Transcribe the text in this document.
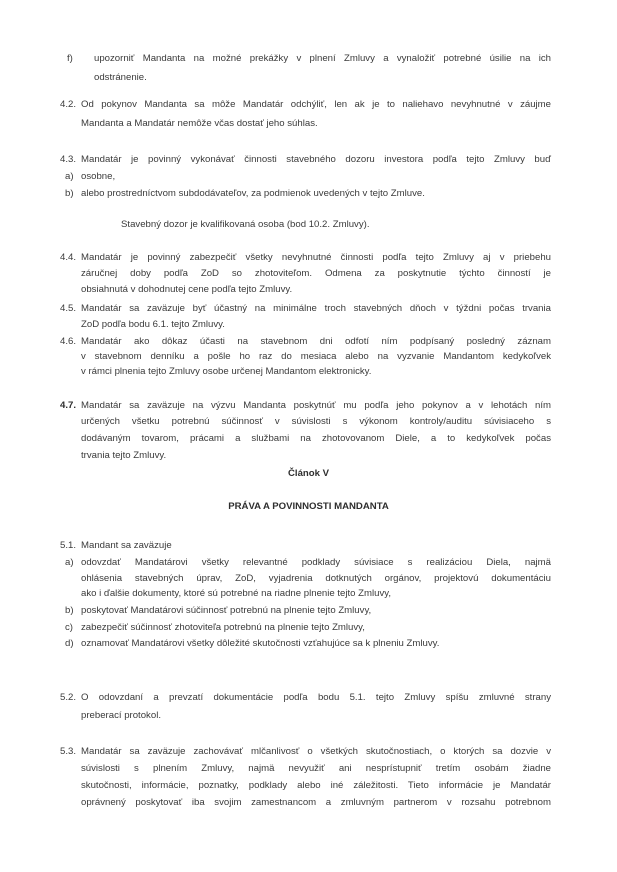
f) upozorniť Mandanta na možné prekážky v plnení Zmluvy a vynaložiť potrebné úsilie na ich
odstránenie.
4.2. Od pokynov Mandanta sa môže Mandatár odchýliť, len ak je to naliehavo nevyhnutné v záujme
Mandanta a Mandatár nemôže včas dostať jeho súhlas.
4.3. Mandatár je povinný vykonávať činnosti stavebného dozoru investora podľa tejto Zmluvy buď
a) osobne,
b) alebo prostredníctvom subdodávateľov, za podmienok uvedených v tejto Zmluve.
Stavebný dozor je kvalifikovaná osoba (bod 10.2. Zmluvy).
4.4. Mandatár je povinný zabezpečiť všetky nevyhnutné činnosti podľa tejto Zmluvy aj v priebehu
záručnej doby podľa ZoD so zhotoviteľom. Odmena za poskytnutie týchto činností je
obsiahnutá v dohodnutej cene podľa tejto Zmluvy.
4.5. Mandatár sa zaväzuje byť účastný na minimálne troch stavebných dňoch v týždni počas trvania
ZoD podľa bodu 6.1. tejto Zmluvy.
4.6. Mandatár ako dôkaz účasti na stavebnom dni odfotí ním podpísaný posledný záznam
v stavebnom denníku a pošle ho raz do mesiaca alebo na vyzvanie Mandantom kedykoľvek
v rámci plnenia tejto Zmluvy osobe určenej Mandantom elektronicky.
4.7. Mandatár sa zaväzuje na výzvu Mandanta poskytnúť mu podľa jeho pokynov a v lehotách ním
určených všetku potrebnú súčinnosť v súvislosti s výkonom kontroly/auditu súvisiaceho s
dodávaným tovarom, prácami a službami na zhotovovanom Diele, a to kedykoľvek počas
trvania tejto Zmluvy.
Článok V
PRÁVA A POVINNOSTI MANDANTA
5.1. Mandant sa zaväzuje
a) odovzdať Mandatárovi všetky relevantné podklady súvisiace s realizáciou Diela, najmä
ohlásenia stavebných úprav, ZoD, vyjadrenia dotknutých orgánov, projektovú dokumentáciu
ako i ďalšie dokumenty, ktoré sú potrebné na riadne plnenie tejto Zmluvy,
b) poskytovať Mandatárovi súčinnosť potrebnú na plnenie tejto Zmluvy,
c) zabezpečiť súčinnosť zhotoviteľa potrebnú na plnenie tejto Zmluvy,
d) oznamovať Mandatárovi všetky dôležité skutočnosti vzťahujúce sa k plneniu Zmluvy.
5.2. O odovzdaní a prevzatí dokumentácie podľa bodu 5.1. tejto Zmluvy spíšu zmluvné strany
preberací protokol.
5.3. Mandatár sa zaväzuje zachovávať mlčanlivosť o všetkých skutočnostiach, o ktorých sa dozvie v
súvislosti s plnením Zmluvy, najmä nevyužiť ani nesprístupniť tretím osobám žiadne
skutočnosti, informácie, poznatky, podklady alebo iné záležitosti. Tieto informácie je Mandatár
oprávnený poskytovať iba svojim zamestnancom a zmluvným partnerom v rozsahu potrebnom
